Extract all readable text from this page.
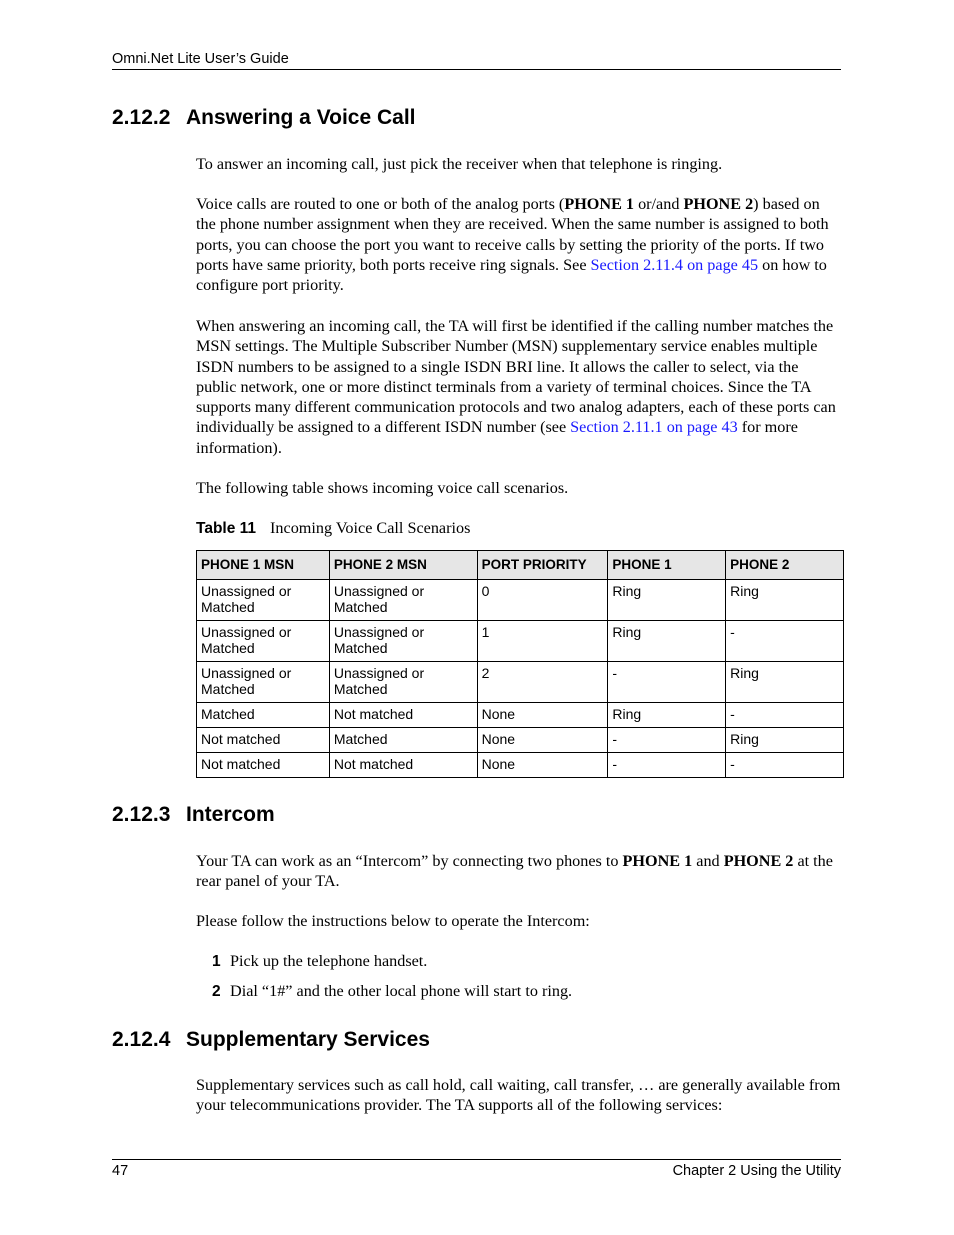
Omni.Net Lite User’s Guide
2.12.2 Answering a Voice Call

To answer an incoming call, just pick the receiver when that telephone is ringing.

Voice calls are routed to one or both of the analog ports (PHONE 1 or/and PHONE 2) based on the phone number assignment when they are received. When the same number is assigned to both ports, you can choose the port you want to receive calls by setting the priority of the ports. If two ports have same priority, both ports receive ring signals. See Section 2.11.4 on page 45 on how to configure port priority.

When answering an incoming call, the TA will first be identified if the calling number matches the MSN settings. The Multiple Subscriber Number (MSN) supplementary service enables multiple ISDN numbers to be assigned to a single ISDN BRI line. It allows the caller to select, via the public network, one or more distinct terminals from a variety of terminal choices. Since the TA supports many different communication protocols and two analog adapters, each of these ports can individually be assigned to a different ISDN number (see Section 2.11.1 on page 43 for more information).

The following table shows incoming voice call scenarios.

Table 11 Incoming Voice Call Scenarios
PHONE 1 MSN	PHONE 2 MSN	PORT PRIORITY	PHONE 1	PHONE 2
Unassigned or Matched	Unassigned or Matched	0	Ring	Ring
Unassigned or Matched	Unassigned or Matched	1	Ring	-
Unassigned or Matched	Unassigned or Matched	2	-	Ring
Matched	Not matched	None	Ring	-
Not matched	Matched	None	-	Ring
Not matched	Not matched	None	-	-
2.12.3 Intercom

Your TA can work as an “Intercom” by connecting two phones to PHONE 1 and PHONE 2 at the rear panel of your TA.

Please follow the instructions below to operate the Intercom:

1 Pick up the telephone handset.
2 Dial “1#” and the other local phone will start to ring.
2.12.4 Supplementary Services

Supplementary services such as call hold, call waiting, call transfer, … are generally available from your telecommunications provider. The TA supports all of the following services:

47	Chapter 2 Using the Utility
